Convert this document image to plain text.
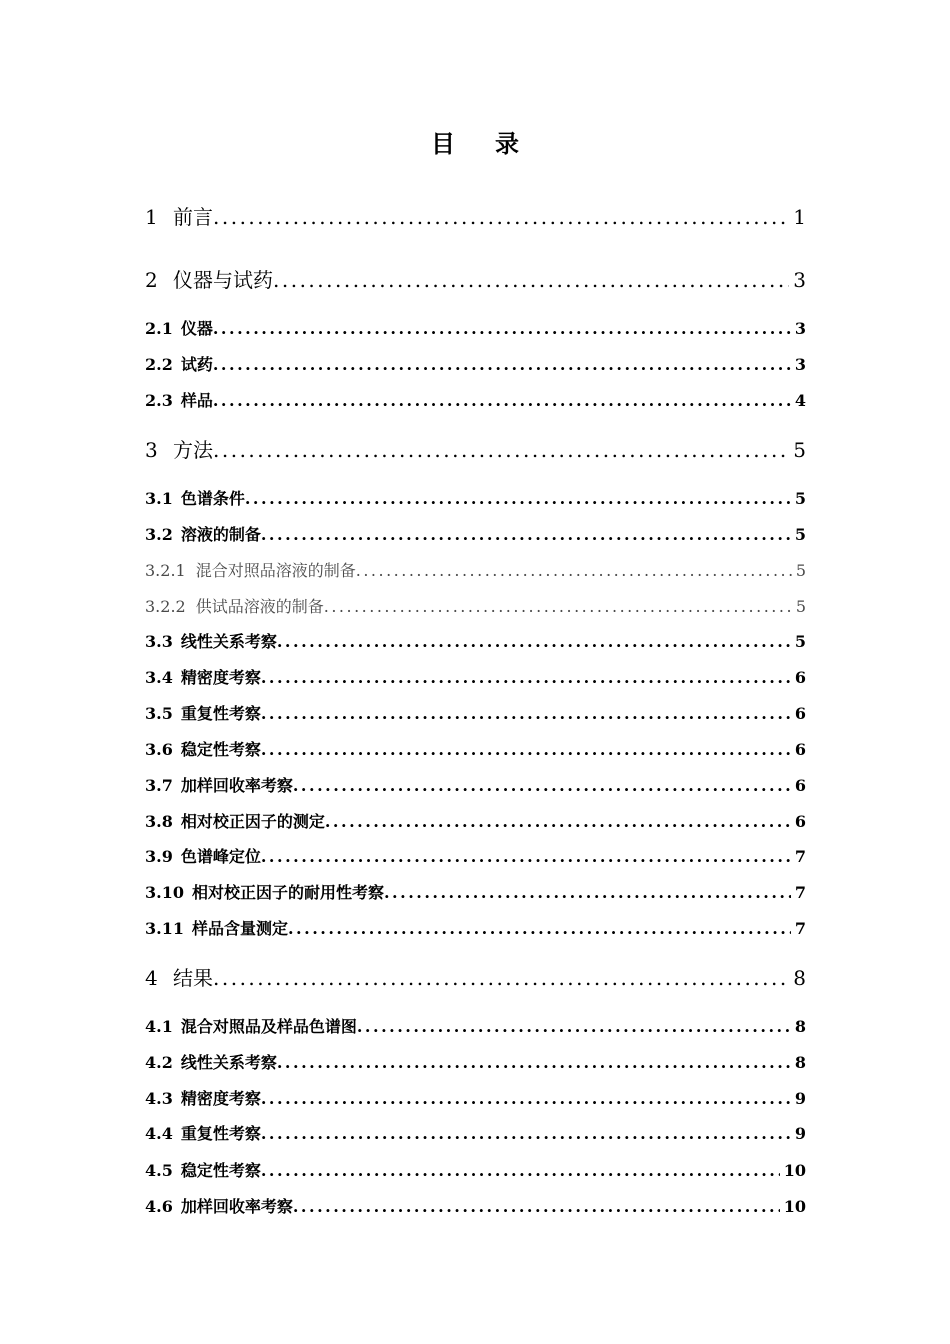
目录
1 前言 .....	1
2 仪器与试药 .....	3
2.1 仪器 .....	3
2.2 试药 .....	3
2.3 样品 .....	4
3 方法 .....	5
3.1 色谱条件 .....	5
3.2 溶液的制备 .....	5
3.2.1 混合对照品溶液的制备 .....	5
3.2.2 供试品溶液的制备 .....	5
3.3 线性关系考察 .....	5
3.4 精密度考察 .....	6
3.5 重复性考察 .....	6
3.6 稳定性考察 .....	6
3.7 加样回收率考察 .....	6
3.8 相对校正因子的测定 .....	6
3.9 色谱峰定位 .....	7
3.10 相对校正因子的耐用性考察 .....	7
3.11 样品含量测定 .....	7
4 结果 .....	8
4.1 混合对照品及样品色谱图 .....	8
4.2 线性关系考察 .....	8
4.3 精密度考察 .....	9
4.4 重复性考察 .....	9
4.5 稳定性考察 .....	10
4.6 加样回收率考察 .....	10
